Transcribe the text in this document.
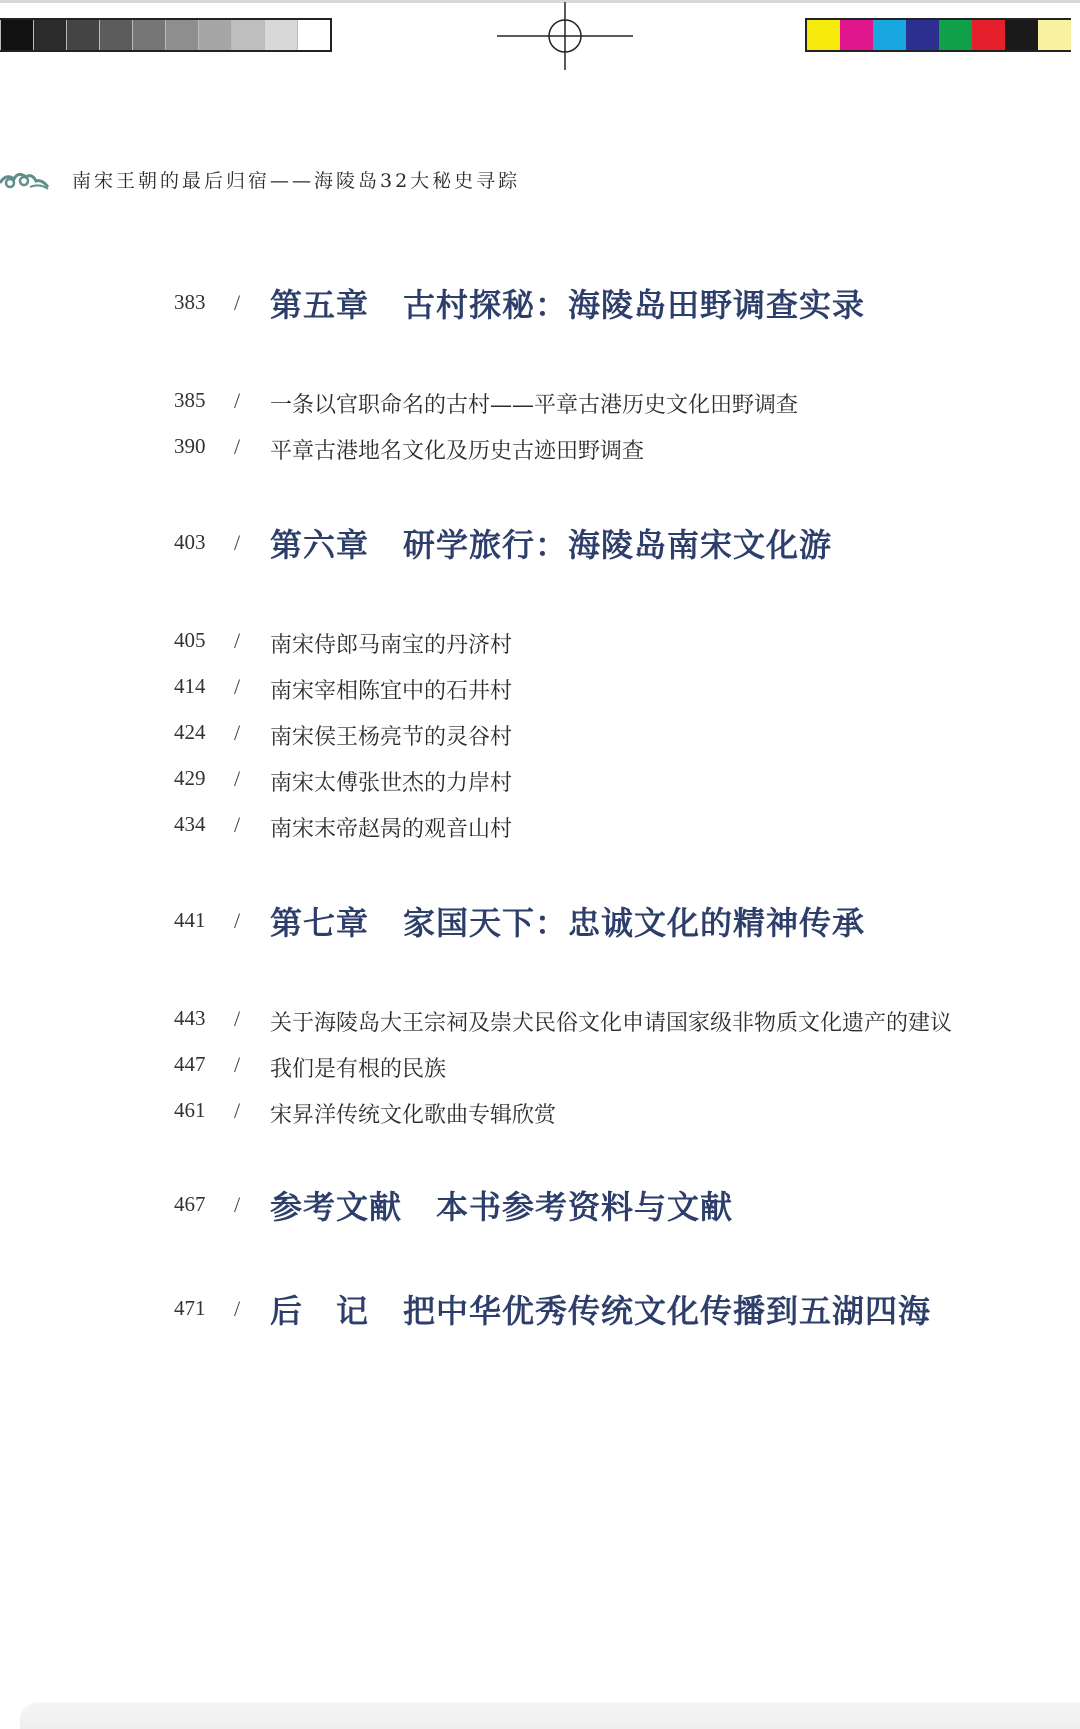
南宋王朝的最后归宿——海陵岛32大秘史寻踪
383	/ 第五章 古村探秘：海陵岛田野调查实录
385	/ 一条以官职命名的古村——平章古港历史文化田野调查
390	/ 平章古港地名文化及历史古迹田野调查
403	/ 第六章 研学旅行：海陵岛南宋文化游
405	/ 南宋侍郎马南宝的丹济村
414	/ 南宋宰相陈宜中的石井村
424	/ 南宋侯王杨亮节的灵谷村
429	/ 南宋太傅张世杰的力岸村
434	/ 南宋末帝赵昺的观音山村
441	/ 第七章 家国天下：忠诚文化的精神传承
443	/ 关于海陵岛大王宗祠及崇犬民俗文化申请国家级非物质文化遗产的建议
447	/ 我们是有根的民族
461	/ 宋昇洋传统文化歌曲专辑欣赏
467	/ 参考文献 本书参考资料与文献
471	/ 后　记 把中华优秀传统文化传播到五湖四海
